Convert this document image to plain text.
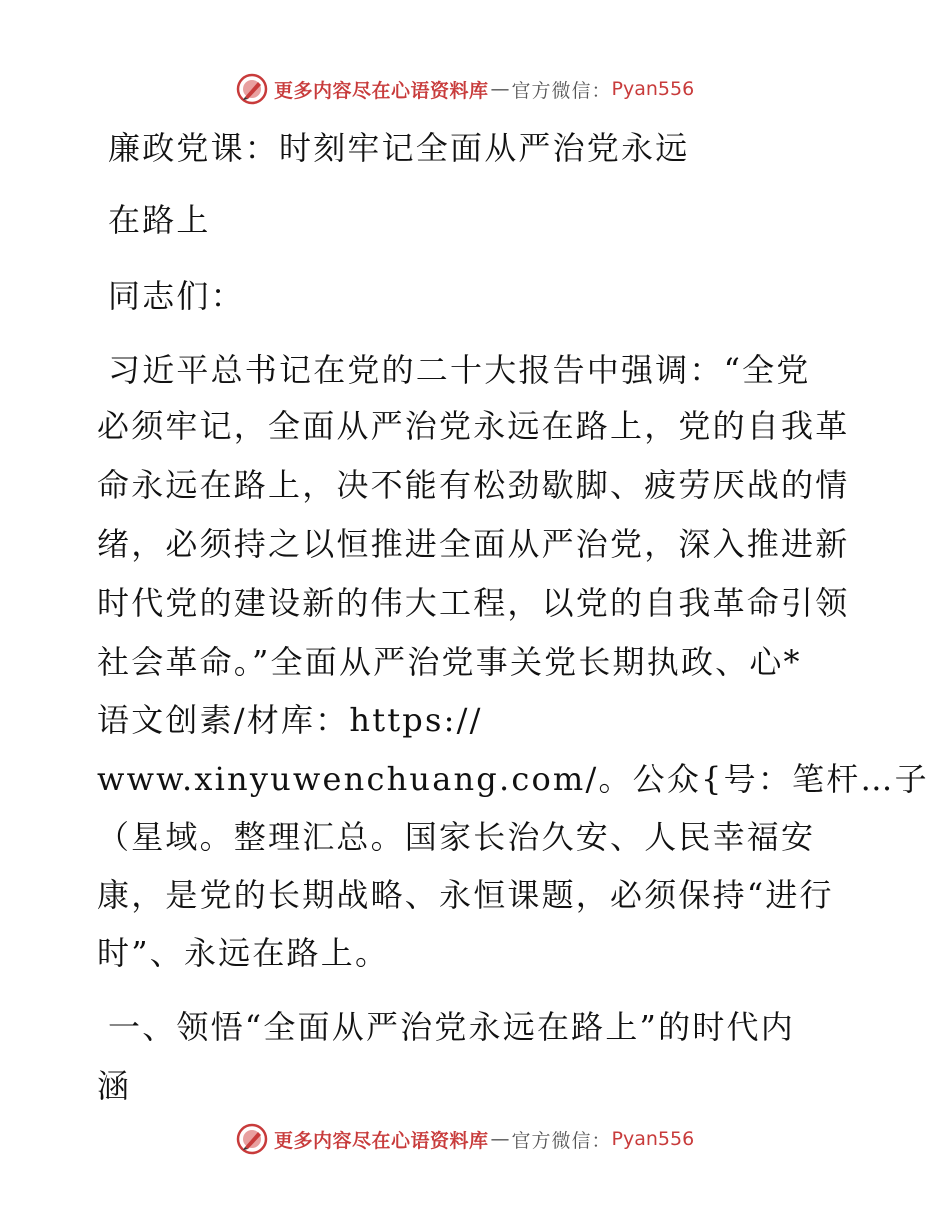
更多内容尽在心语资料库 — 官方微信： Pyan556
廉政党课：时刻牢记全面从严治党永远
在路上
同志们：
习近平总书记在党的二十大报告中强调：“全党
必须牢记，全面从严治党永远在路上，党的自我革
命永远在路上，决不能有松劲歇脚、疲劳厌战的情
绪，必须持之以恒推进全面从严治党，深入推进新
时代党的建设新的伟大工程，以党的自我革命引领
社会革命。”全面从严治党事关党长期执政、心*
语文创素/材库：https://
www.xinyuwenchuang.com/。公众{号：笔杆…子
（星域。整理汇总。国家长治久安、人民幸福安
康，是党的长期战略、永恒课题，必须保持“进行
时”、永远在路上。
一、领悟“全面从严治党永远在路上”的时代内
涵
更多内容尽在心语资料库 — 官方微信： Pyan556
